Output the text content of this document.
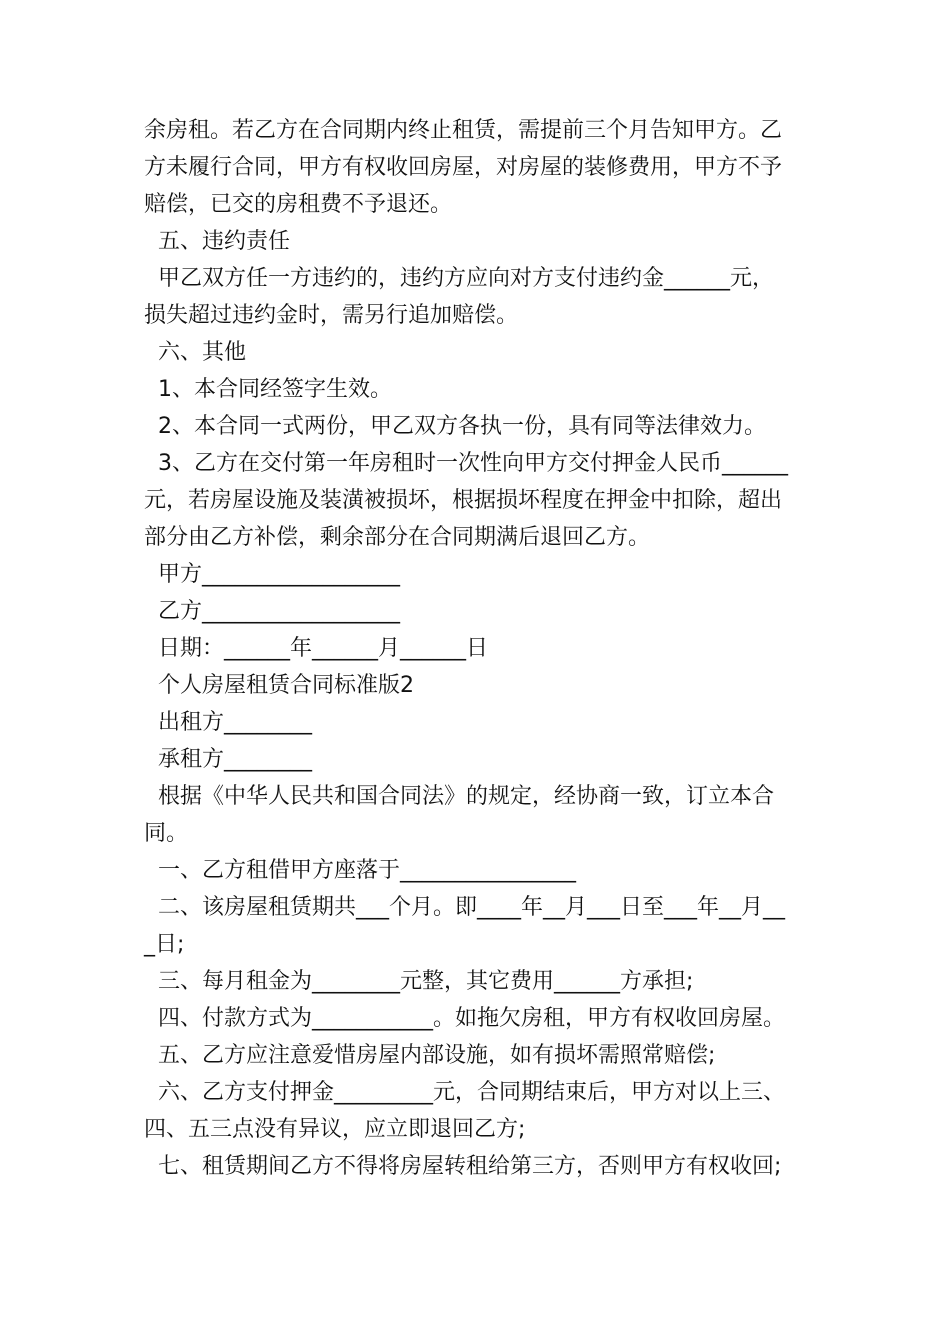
余房租。若乙方在合同期内终止租赁，需提前三个月告知甲方。乙
方未履行合同，甲方有权收回房屋，对房屋的装修费用，甲方不予
赔偿，已交的房租费不予退还。
五、违约责任
甲乙双方任一方违约的，违约方应向对方支付违约金______元，
损失超过违约金时，需另行追加赔偿。
六、其他
1、本合同经签字生效。
2、本合同一式两份，甲乙双方各执一份，具有同等法律效力。
3、乙方在交付第一年房租时一次性向甲方交付押金人民币______
元，若房屋设施及装潢被损坏，根据损坏程度在押金中扣除，超出
部分由乙方补偿，剩余部分在合同期满后退回乙方。
甲方__________________
乙方__________________
日期：______年______月______日
个人房屋租赁合同标准版2
出租方________
承租方________
根据《中华人民共和国合同法》的规定，经协商一致，订立本合
同。
一、乙方租借甲方座落于________________
二、该房屋租赁期共___个月。即____年__月___日至___年__月__
_日;
三、每月租金为________元整，其它费用______方承担;
四、付款方式为___________。如拖欠房租，甲方有权收回房屋。
五、乙方应注意爱惜房屋内部设施，如有损坏需照常赔偿;
六、乙方支付押金_________元，合同期结束后，甲方对以上三、
四、五三点没有异议，应立即退回乙方;
七、租赁期间乙方不得将房屋转租给第三方，否则甲方有权收回;
